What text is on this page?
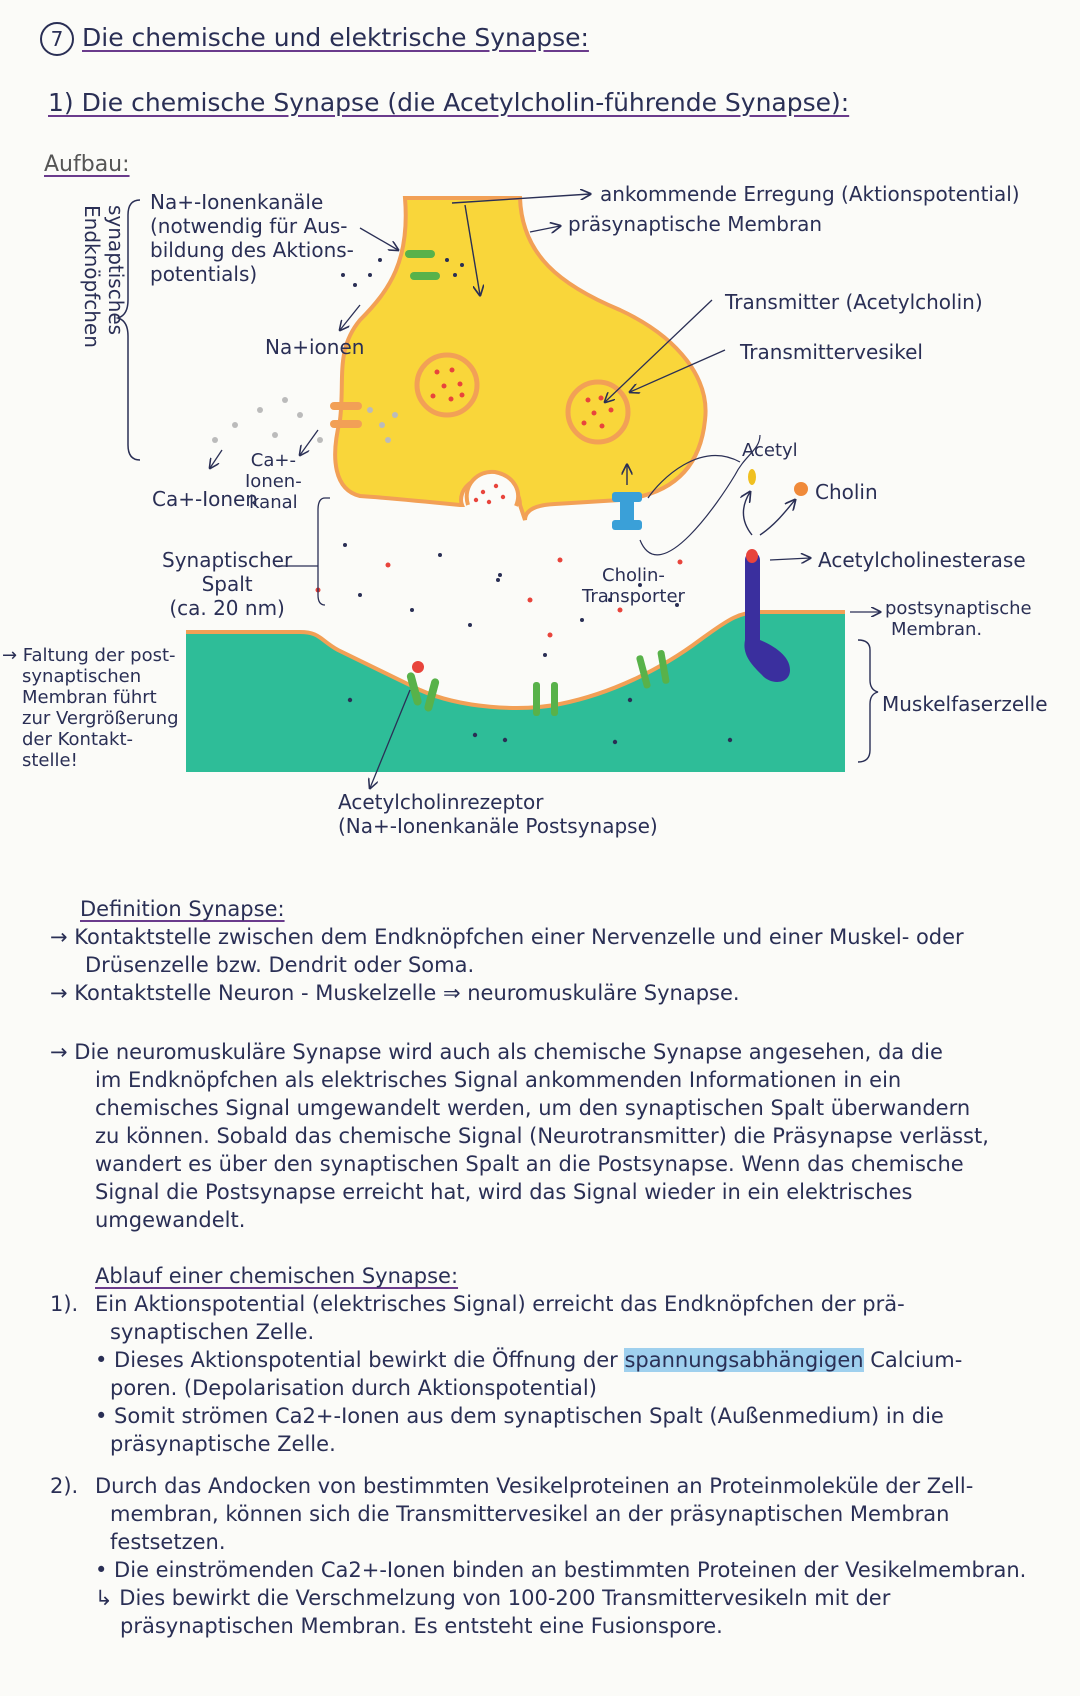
7 Die chemische und elektrische Synapse:
1) Die chemische Synapse (die Acetylcholin-führende Synapse):
Aufbau:
synaptisches Endknöpfchen
Na+-Ionenkanäle
(notwendig für Aus-
bildung des Aktions-
potentials)
Na+ionen
Ca+-
Ionen-
kanal
Ca+-Ionen
Synaptischer
Spalt
(ca. 20 nm)
→ Faltung der post-
synaptischen
Membran führt
zur Vergrößerung
der Kontakt-
stelle!
ankommende Erregung (Aktionspotential)
präsynaptische Membran
Transmitter (Acetylcholin)
Transmittervesikel
Acetyl
Cholin
Acetylcholinesterase
postsynaptische
Membran.
Muskelfaserzelle
Cholin-
Transporter
Acetylcholinrezeptor
(Na+-Ionenkanäle Postsynapse)

Definition Synapse:

→ Kontaktstelle zwischen dem Endknöpfchen einer Nervenzelle und einer Muskel- oder

Drüsenzelle bzw. Dendrit oder Soma.

→ Kontaktstelle Neuron - Muskelzelle ⇒ neuromuskuläre Synapse.

→ Die neuromuskuläre Synapse wird auch als chemische Synapse angesehen, da die

im Endknöpfchen als elektrisches Signal ankommenden Informationen in ein

chemisches Signal umgewandelt werden, um den synaptischen Spalt überwandern

zu können. Sobald das chemische Signal (Neurotransmitter) die Präsynapse verlässt,

wandert es über den synaptischen Spalt an die Postsynapse. Wenn das chemische

Signal die Postsynapse erreicht hat, wird das Signal wieder in ein elektrisches

umgewandelt.

Ablauf einer chemischen Synapse:

1). Ein Aktionspotential (elektrisches Signal) erreicht das Endknöpfchen der prä-

synaptischen Zelle.

• Dieses Aktionspotential bewirkt die Öffnung der spannungsabhängigen Calcium-

poren. (Depolarisation durch Aktionspotential)

• Somit strömen Ca2+-Ionen aus dem synaptischen Spalt (Außenmedium) in die

präsynaptische Zelle.

2). Durch das Andocken von bestimmten Vesikelproteinen an Proteinmoleküle der Zell-

membran, können sich die Transmittervesikel an der präsynaptischen Membran

festsetzen.

• Die einströmenden Ca2+-Ionen binden an bestimmten Proteinen der Vesikelmembran.

↳ Dies bewirkt die Verschmelzung von 100-200 Transmittervesikeln mit der

präsynaptischen Membran. Es entsteht eine Fusionspore.
